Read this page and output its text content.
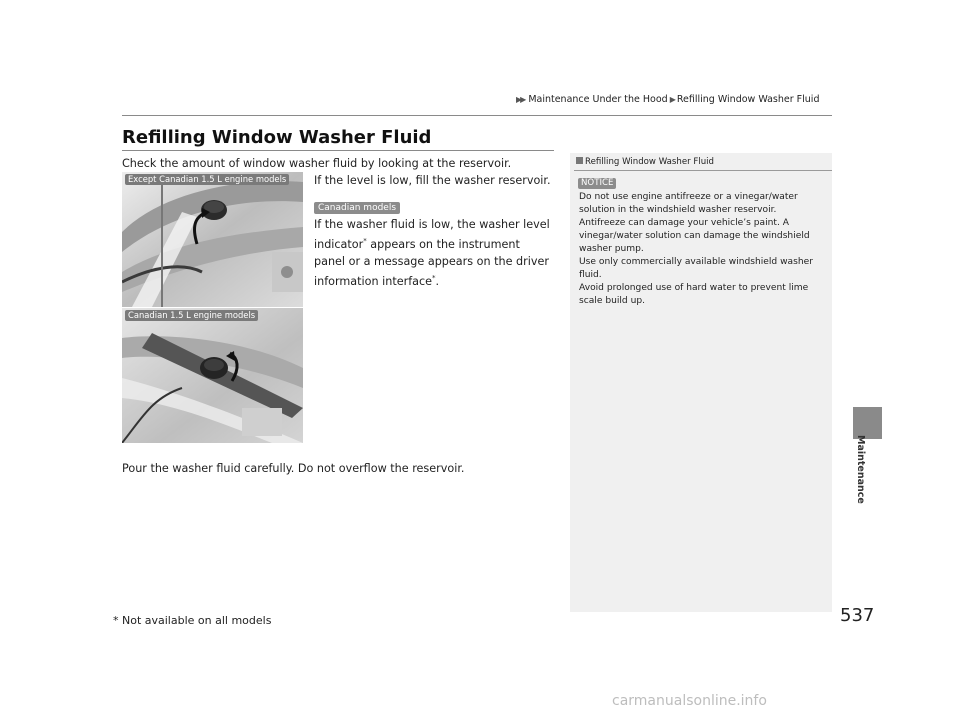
▶▶ Maintenance Under the Hood ▶ Refilling Window Washer Fluid
Refilling Window Washer Fluid
Check the amount of window washer fluid by looking at the reservoir.
If the level is low, fill the washer reservoir.
Canadian models
If the washer fluid is low, the washer level indicator* appears on the instrument panel or a message appears on the driver information interface*.
Pour the washer fluid carefully. Do not overflow the reservoir.
Except Canadian 1.5 L engine models
Canadian 1.5 L engine models
Refilling Window Washer Fluid
NOTICE
Do not use engine antifreeze or a vinegar/water
solution in the windshield washer reservoir.
Antifreeze can damage your vehicle’s paint. A
vinegar/water solution can damage the windshield
washer pump.
Use only commercially available windshield washer
fluid.
Avoid prolonged use of hard water to prevent lime
scale build up.
Maintenance
* Not available on all models	537
carmanualsonline.info
